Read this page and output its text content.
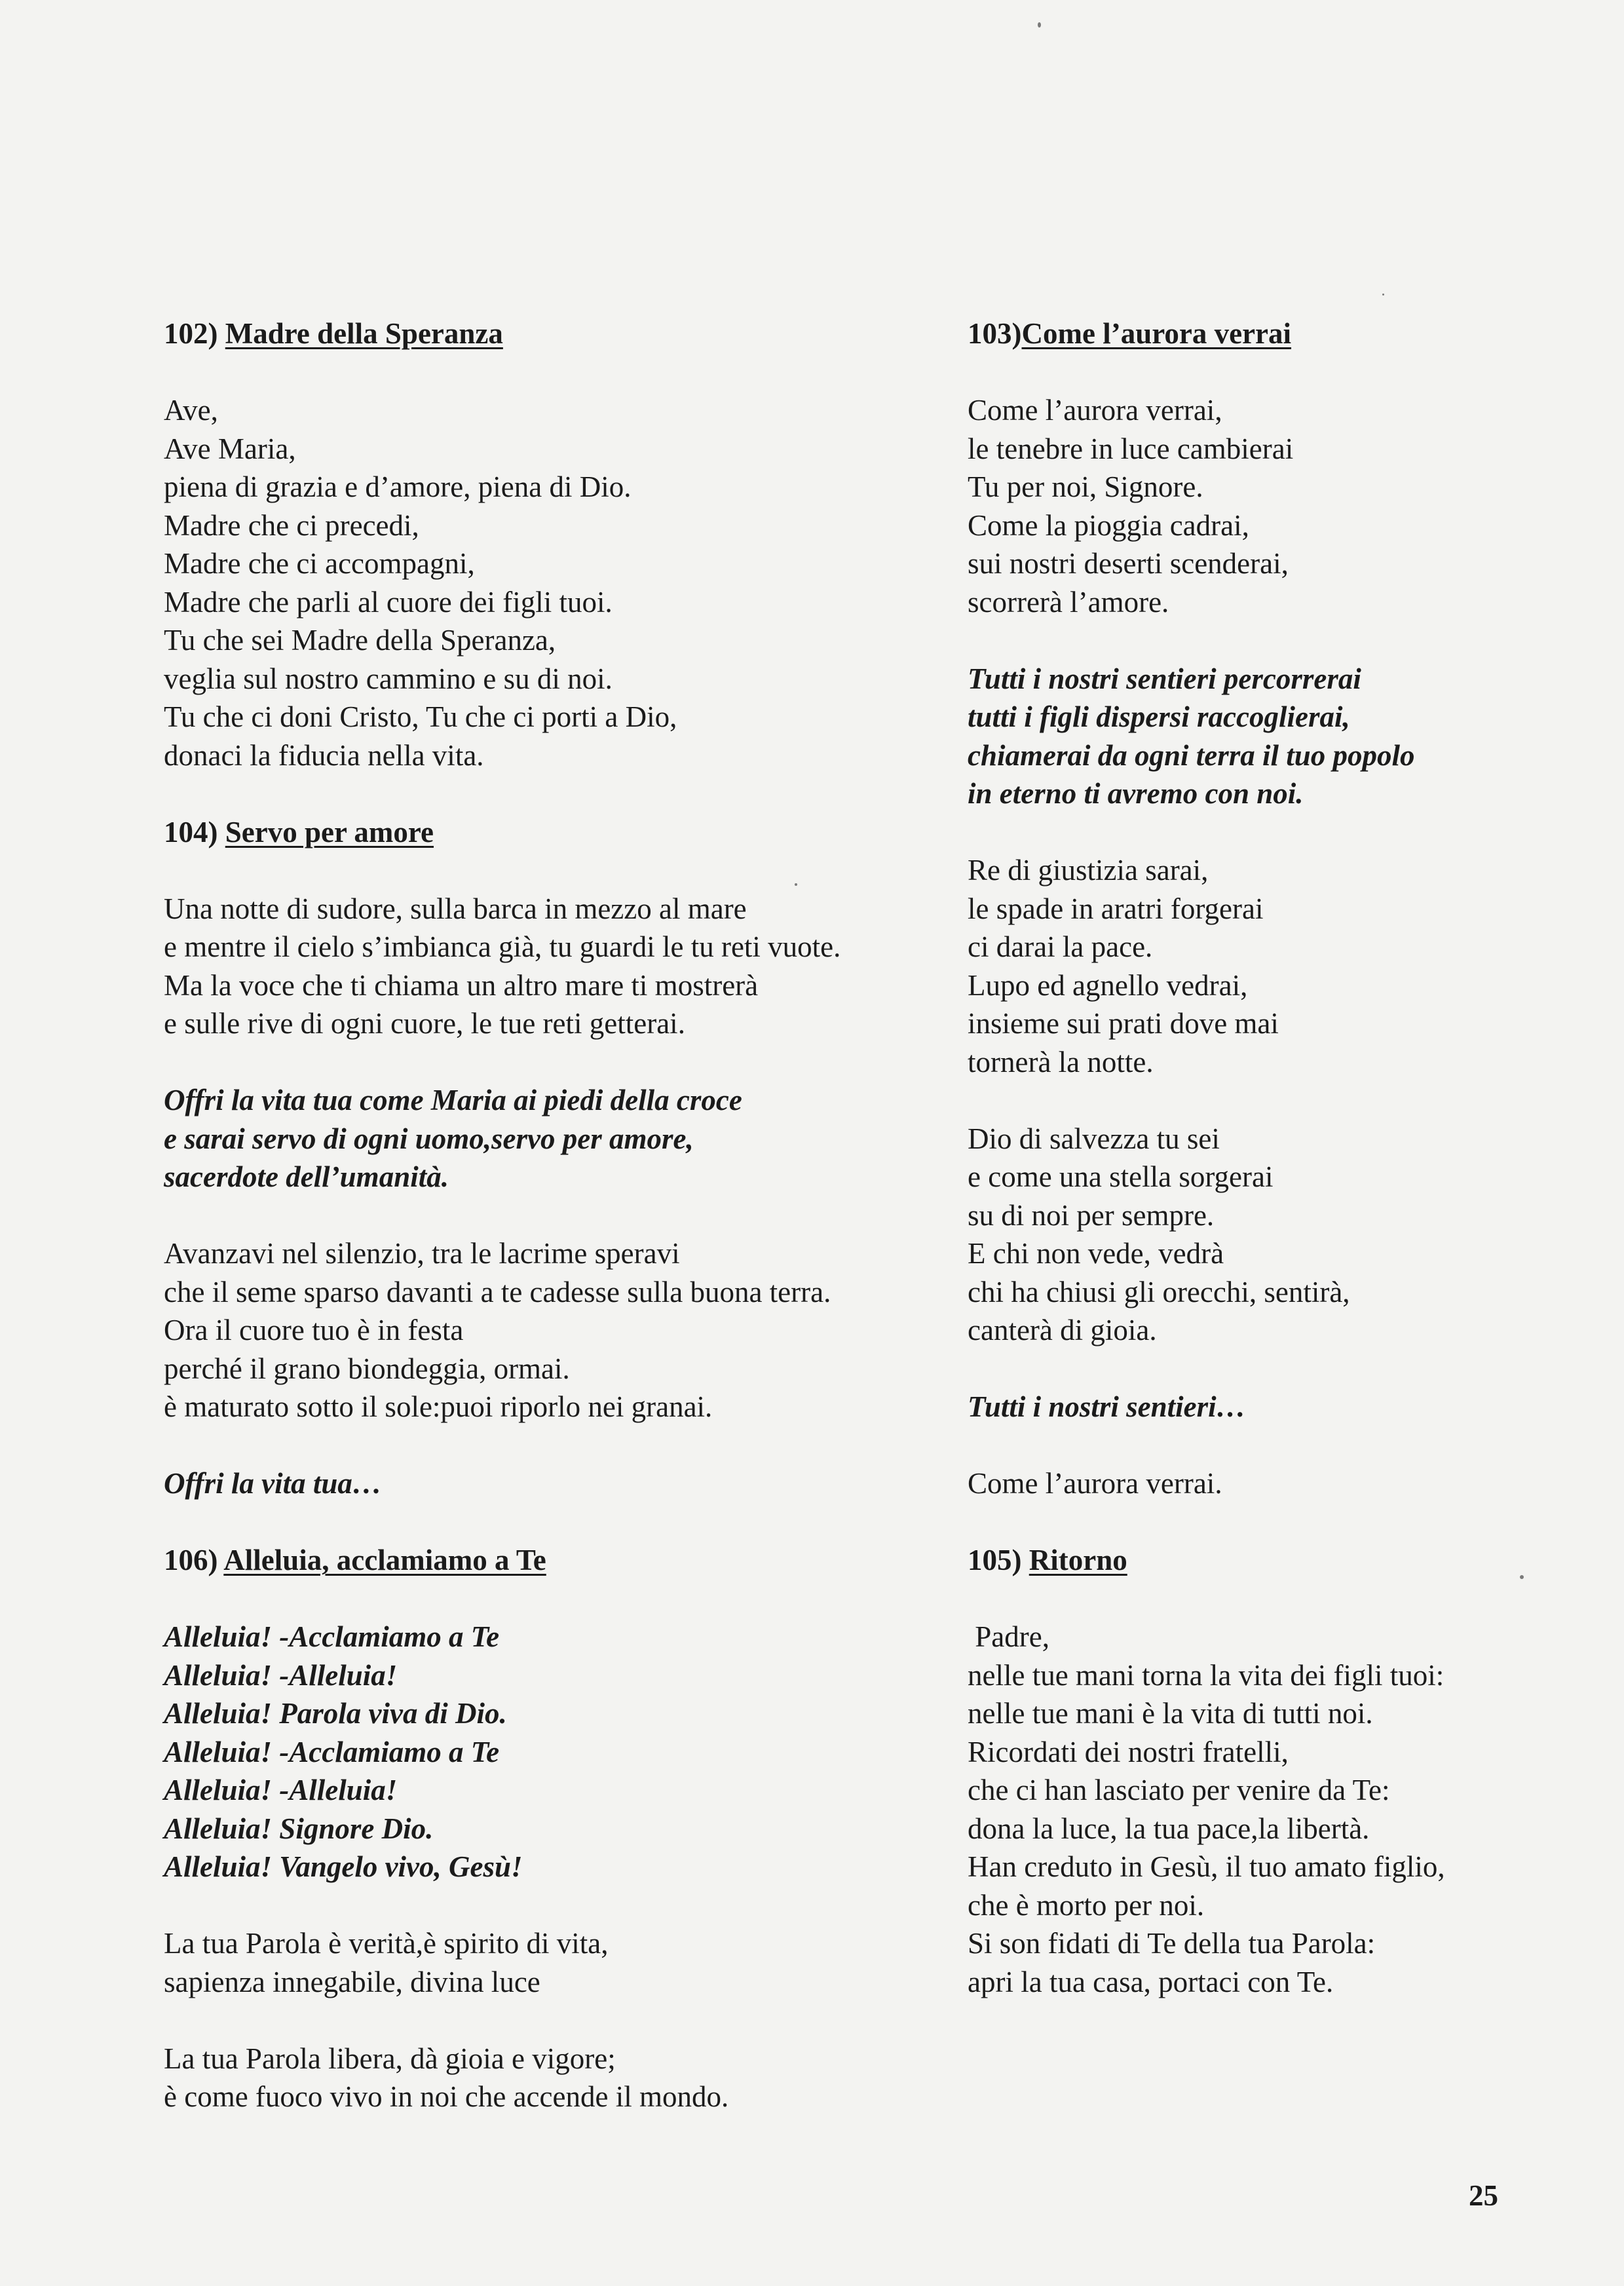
102) Madre della Speranza
Ave,
Ave Maria,
piena di grazia e d’amore, piena di Dio.
Madre che ci precedi,
Madre che ci accompagni,
Madre che parli al cuore dei figli tuoi.
Tu che sei Madre della Speranza,
veglia sul nostro cammino e su di noi.
Tu che ci doni Cristo, Tu che ci porti a Dio,
donaci la fiducia nella vita.
104) Servo per amore
Una notte di sudore, sulla barca in mezzo al mare
e mentre il cielo s’imbianca già, tu guardi le tu reti vuote.
Ma la voce che ti chiama un altro mare ti mostrerà
e sulle rive di ogni cuore, le tue reti getterai.
Offri la vita tua come Maria ai piedi della croce
e sarai servo di ogni uomo,servo per amore,
sacerdote dell’umanità.
Avanzavi nel silenzio, tra le lacrime speravi
che il seme sparso davanti a te cadesse sulla buona terra.
Ora il cuore tuo è in festa
perché il grano biondeggia, ormai.
è maturato sotto il sole:puoi riporlo nei granai.
Offri la vita tua…
106) Alleluia, acclamiamo a Te
Alleluia! -Acclamiamo a Te
Alleluia! -Alleluia!
Alleluia! Parola viva di Dio.
Alleluia! -Acclamiamo a Te
Alleluia! -Alleluia!
Alleluia! Signore Dio.
Alleluia! Vangelo vivo, Gesù!
La tua Parola è verità,è spirito di vita,
sapienza innegabile, divina luce
La tua Parola libera, dà gioia e vigore;
è come fuoco vivo in noi che accende il mondo.
103)Come l’aurora verrai
Come l’aurora verrai,
le tenebre in luce cambierai
Tu per noi, Signore.
Come la pioggia cadrai,
sui nostri deserti scenderai,
scorrerà l’amore.
Tutti i nostri sentieri percorrerai
tutti i figli dispersi raccoglierai,
chiamerai da ogni terra il tuo popolo
in eterno ti avremo con noi.
Re di giustizia sarai,
le spade in aratri forgerai
ci darai la pace.
Lupo ed agnello vedrai,
insieme sui prati dove mai
tornerà la notte.
Dio di salvezza tu sei
e come una stella sorgerai
su di noi per sempre.
E chi non vede, vedrà
chi ha chiusi gli orecchi, sentirà,
canterà di gioia.
Tutti i nostri sentieri…
Come l’aurora verrai.
105) Ritorno
Padre,
nelle tue mani torna la vita dei figli tuoi:
nelle tue mani è la vita di tutti noi.
Ricordati dei nostri fratelli,
che ci han lasciato per venire da Te:
dona la luce, la tua pace,la libertà.
Han creduto in Gesù, il tuo amato figlio,
che è morto per noi.
Si son fidati di Te della tua Parola:
apri la tua casa, portaci con Te.
25
